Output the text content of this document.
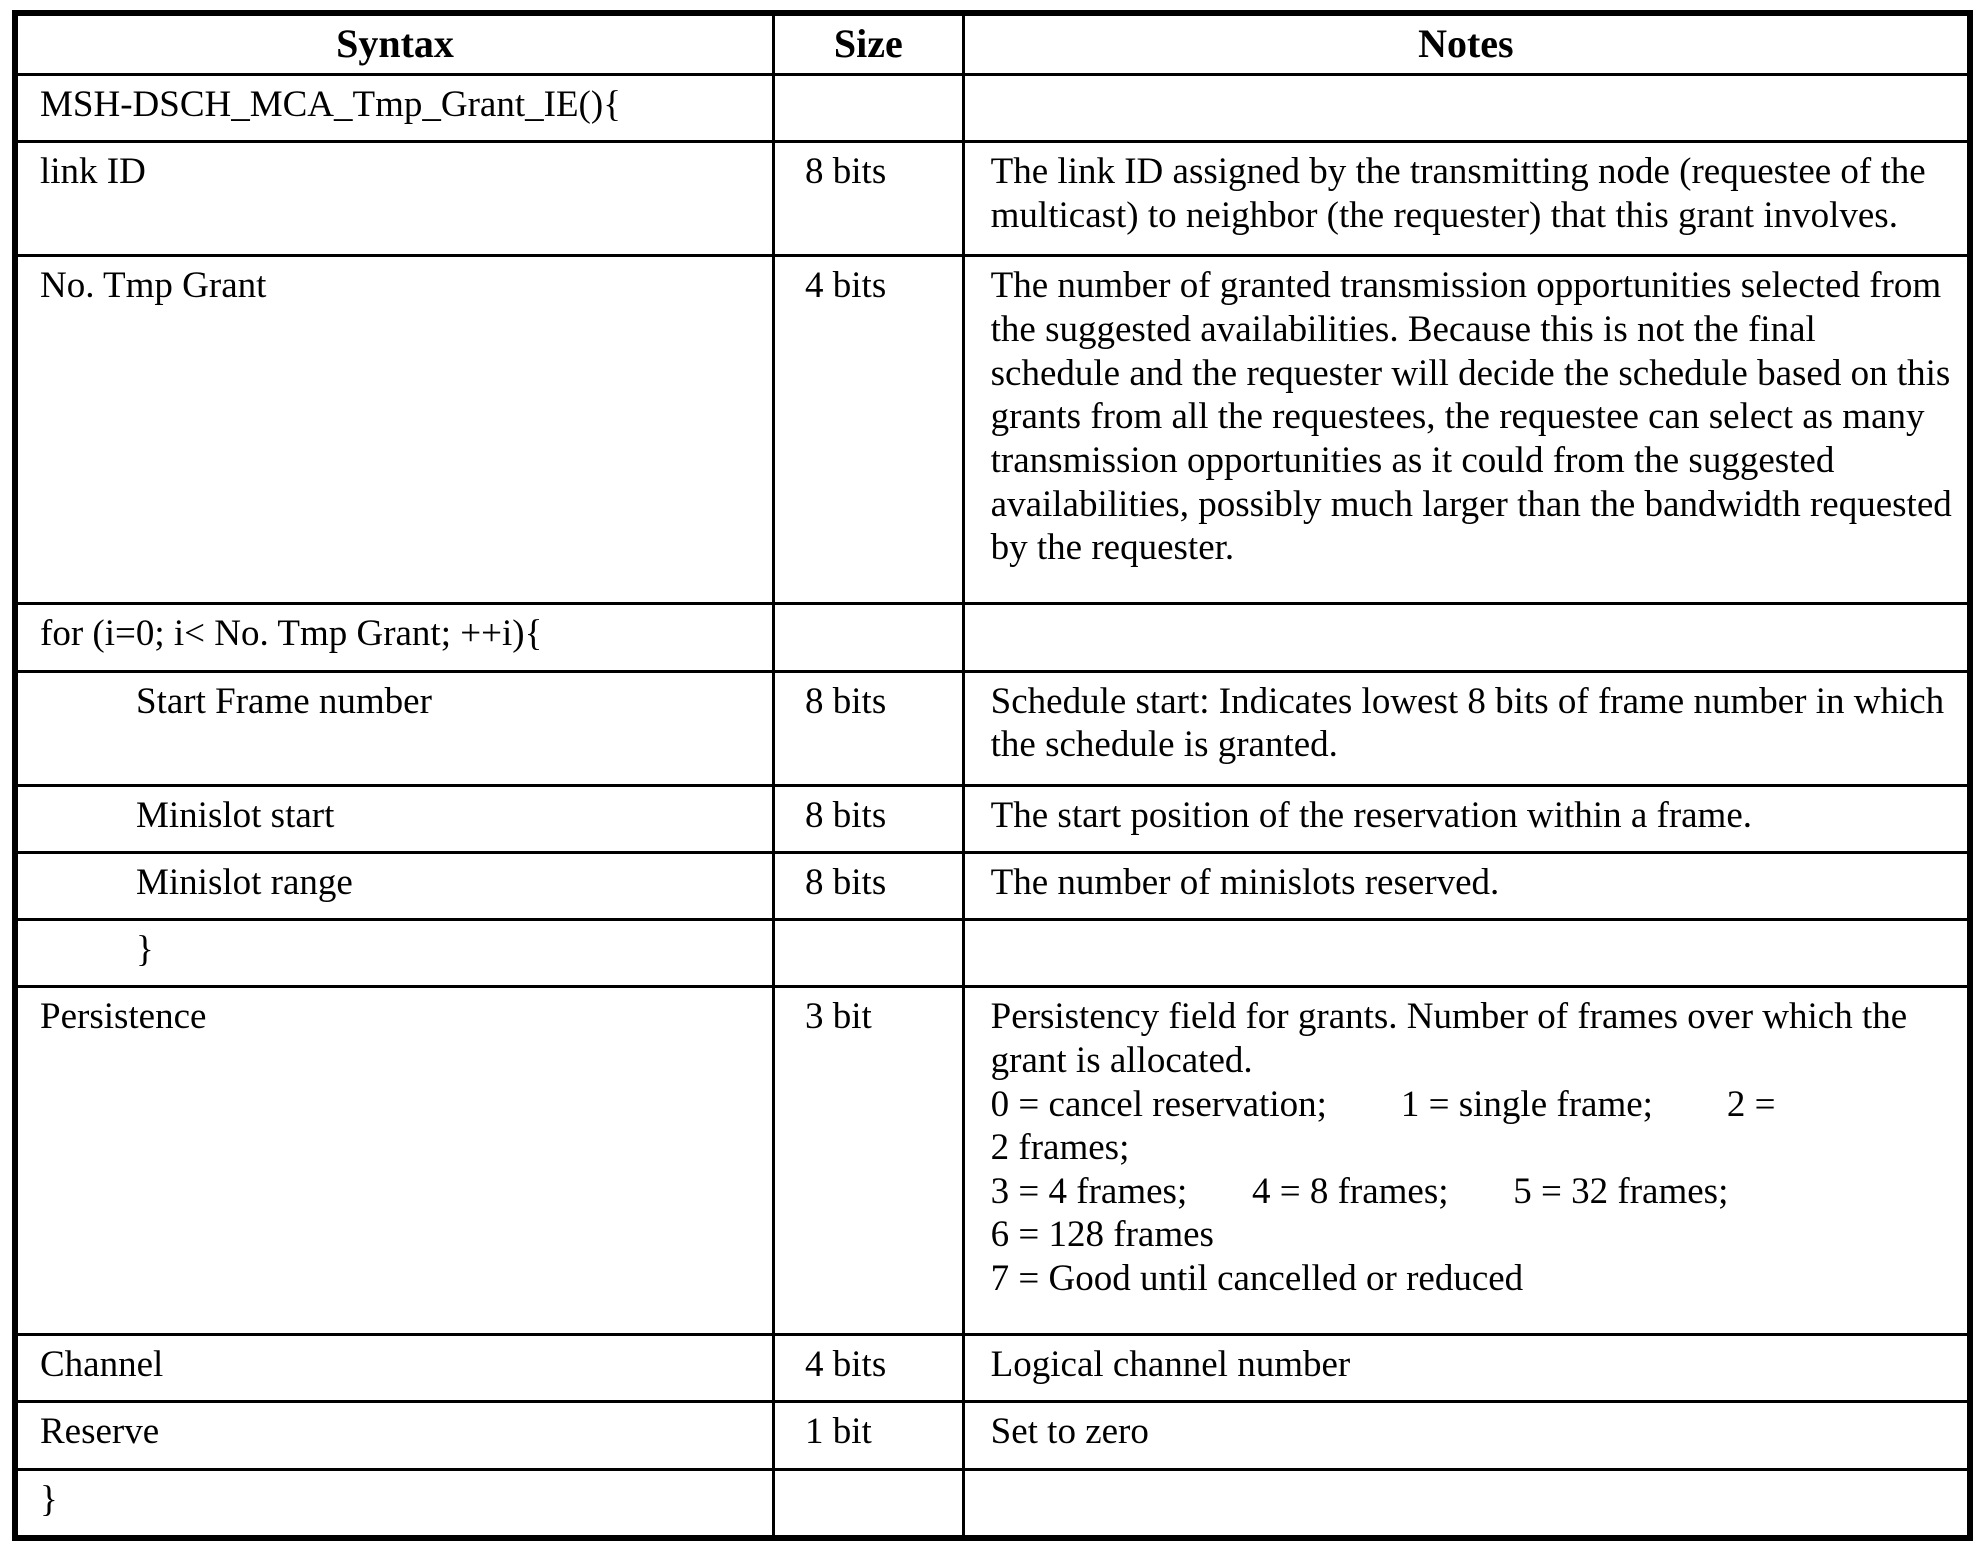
Syntax	Size	Notes
MSH-DSCH_MCA_Tmp_Grant_IE(){		
link ID	8 bits	The link ID assigned by the transmitting node (requestee of the multicast) to neighbor (the requester) that this grant involves.
No. Tmp Grant	4 bits	The number of granted transmission opportunities selected from the suggested availabilities. Because this is not the final schedule and the requester will decide the schedule based on this grants from all the requestees, the requestee can select as many transmission opportunities as it could from the suggested availabilities, possibly much larger than the bandwidth requested by the requester.
for (i=0; i< No. Tmp Grant; ++i){		
Start Frame number	8 bits	Schedule start: Indicates lowest 8 bits of frame number in which the schedule is granted.
Minislot start	8 bits	The start position of the reservation within a frame.
Minislot range	8 bits	The number of minislots reserved.
}		
Persistence	3 bit	Persistency field for grants. Number of frames over which the grant is allocated.
0 = cancel reservation;        1 = single frame;        2 =
2 frames;
3 = 4 frames;       4 = 8 frames;       5 = 32 frames;
6 = 128 frames
7 = Good until cancelled or reduced
Channel	4 bits	Logical channel number
Reserve	1 bit	Set to zero
}		
